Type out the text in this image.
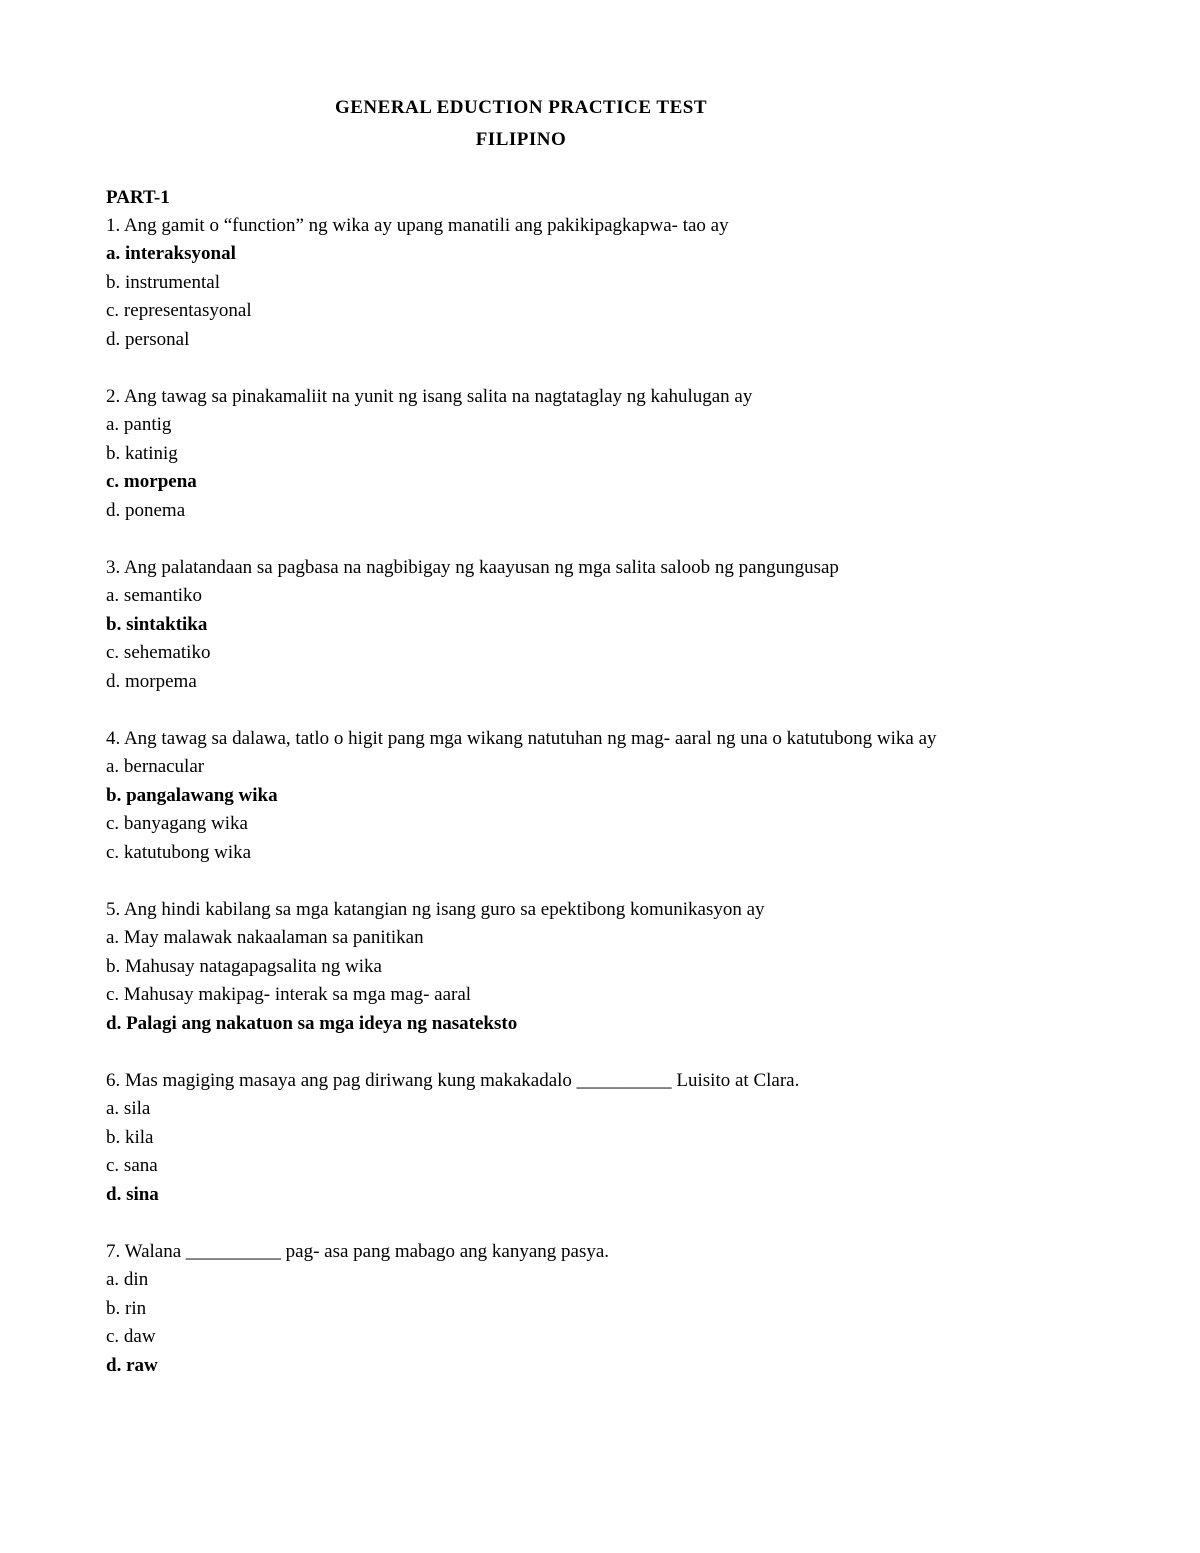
GENERAL EDUCTION PRACTICE TEST
FILIPINO
PART-1
1. Ang gamit o “function” ng wika ay upang manatili ang pakikipagkapwa- tao ay
a. interaksyonal
b. instrumental
c. representasyonal
d. personal
2. Ang tawag sa pinakamaliit na yunit ng isang salita na nagtataglay ng kahulugan ay
a. pantig
b. katinig
c. morpena
d. ponema
3. Ang palatandaan sa pagbasa na nagbibigay ng kaayusan ng mga salita saloob ng pangungusap
a. semantiko
b. sintaktika
c. sehematiko
d. morpema
4. Ang tawag sa dalawa, tatlo o higit pang mga wikang natutuhan ng mag- aaral ng una o katutubong wika ay
a. bernacular
b. pangalawang wika
c. banyagang wika
c. katutubong wika
5. Ang hindi kabilang sa mga katangian ng isang guro sa epektibong komunikasyon ay
a. May malawak nakaalaman sa panitikan
b. Mahusay natagapagsalita ng wika
c. Mahusay makipag- interak sa mga mag- aaral
d. Palagi ang nakatuon sa mga ideya ng nasateksto
6. Mas magiging masaya ang pag diriwang kung makakadalo __________ Luisito at Clara.
a. sila
b. kila
c. sana
d. sina
7. Walana __________ pag- asa pang mabago ang kanyang pasya.
a. din
b. rin
c. daw
d. raw
